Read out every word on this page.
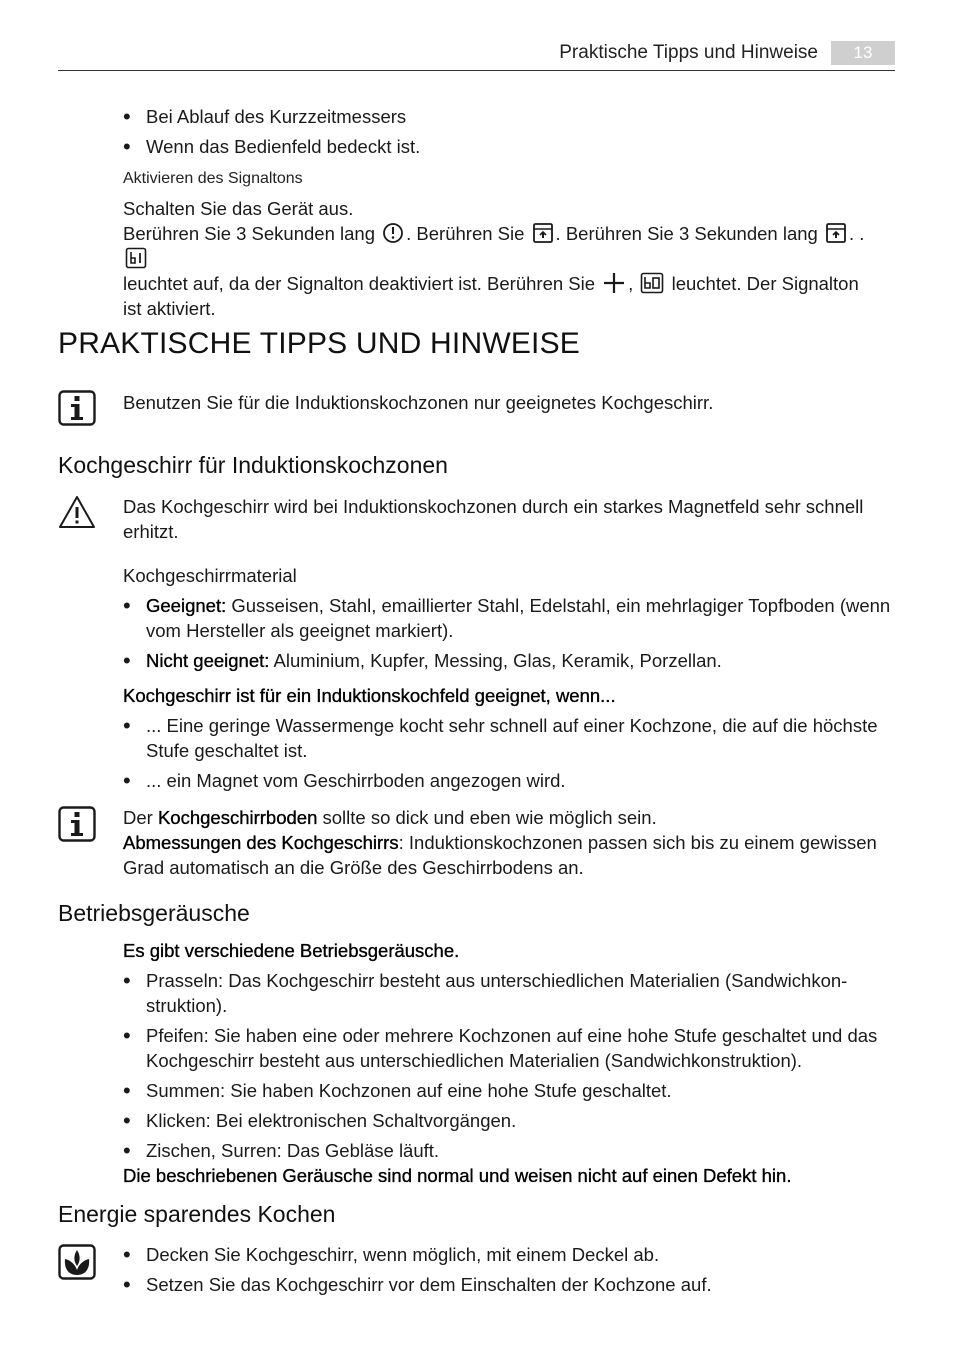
Praktische Tipps und Hinweise	13
• Bei Ablauf des Kurzzeitmessers
• Wenn das Bedienfeld bedeckt ist.
Aktivieren des Signaltons
Schalten Sie das Gerät aus.
Berühren Sie 3 Sekunden lang . Berühren Sie . Berühren Sie 3 Sekunden lang . .
leuchtet auf, da der Signalton deaktiviert ist. Berühren Sie , leuchtet. Der Signalton
ist aktiviert.
PRAKTISCHE TIPPS UND HINWEISE
Benutzen Sie für die Induktionskochzonen nur geeignetes Kochgeschirr.
Kochgeschirr für Induktionskochzonen
Das Kochgeschirr wird bei Induktionskochzonen durch ein starkes Magnetfeld sehr schnell erhitzt.
Kochgeschirrmaterial
• Geeignet: Gusseisen, Stahl, emaillierter Stahl, Edelstahl, ein mehrlagiger Topfboden (wenn vom Hersteller als geeignet markiert).
• Nicht geeignet: Aluminium, Kupfer, Messing, Glas, Keramik, Porzellan.
Kochgeschirr ist für ein Induktionskochfeld geeignet, wenn...
• ... Eine geringe Wassermenge kocht sehr schnell auf einer Kochzone, die auf die höchste Stufe geschaltet ist.
• ... ein Magnet vom Geschirrboden angezogen wird.
Der Kochgeschirrboden sollte so dick und eben wie möglich sein.
Abmessungen des Kochgeschirrs: Induktionskochzonen passen sich bis zu einem gewissen Grad automatisch an die Größe des Geschirrbodens an.
Betriebsgeräusche
Es gibt verschiedene Betriebsgeräusche.
• Prasseln: Das Kochgeschirr besteht aus unterschiedlichen Materialien (Sandwichkon-struktion).
• Pfeifen: Sie haben eine oder mehrere Kochzonen auf eine hohe Stufe geschaltet und das Kochgeschirr besteht aus unterschiedlichen Materialien (Sandwichkonstruktion).
• Summen: Sie haben Kochzonen auf eine hohe Stufe geschaltet.
• Klicken: Bei elektronischen Schaltvorgängen.
• Zischen, Surren: Das Gebläse läuft.
Die beschriebenen Geräusche sind normal und weisen nicht auf einen Defekt hin.
Energie sparendes Kochen
• Decken Sie Kochgeschirr, wenn möglich, mit einem Deckel ab.
• Setzen Sie das Kochgeschirr vor dem Einschalten der Kochzone auf.
